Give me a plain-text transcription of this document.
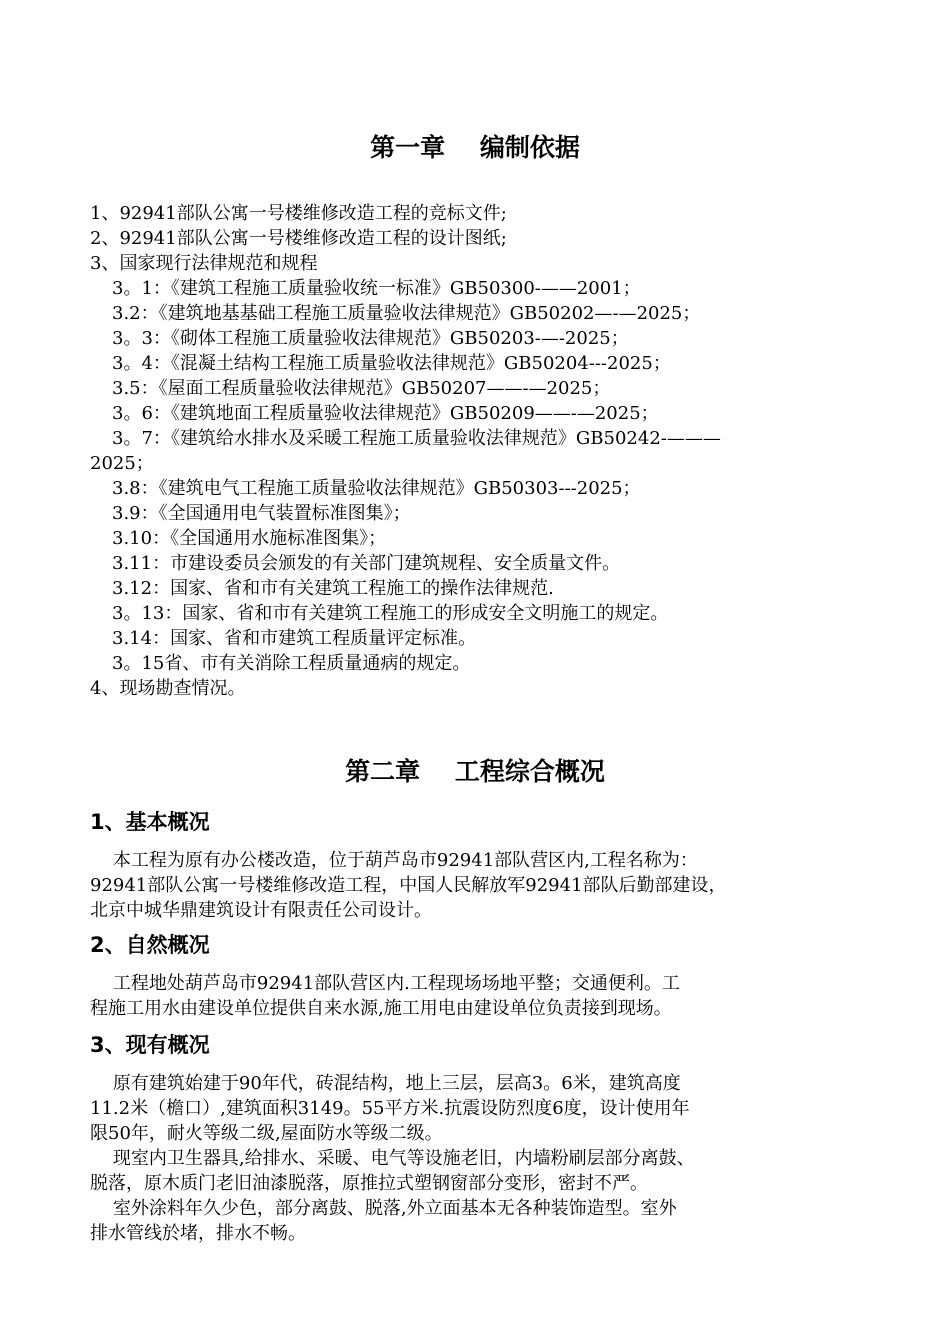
第一章    编制依据
1、92941部队公寓一号楼维修改造工程的竞标文件;
2、92941部队公寓一号楼维修改造工程的设计图纸;
3、国家现行法律规范和规程
3。1：《建筑工程施工质量验收统一标准》GB50300-——2001；
3.2：《建筑地基基础工程施工质量验收法律规范》GB50202—-—2025；
3。3：《砌体工程施工质量验收法律规范》GB50203-—-2025；
3。4：《混凝土结构工程施工质量验收法律规范》GB50204---2025；
3.5：《屋面工程质量验收法律规范》GB50207——-—2025；
3。6：《建筑地面工程质量验收法律规范》GB50209——-—2025；
3。7：《建筑给水排水及采暖工程施工质量验收法律规范》GB50242-———
2025；
3.8：《建筑电气工程施工质量验收法律规范》GB50303---2025；
3.9：《全国通用电气装置标准图集》；
3.10：《全国通用水施标准图集》；
3.11：市建设委员会颁发的有关部门建筑规程、安全质量文件。
3.12：国家、省和市有关建筑工程施工的操作法律规范.
3。13：国家、省和市有关建筑工程施工的形成安全文明施工的规定。
3.14：国家、省和市建筑工程质量评定标准。
3。15省、市有关消除工程质量通病的规定。
4、现场勘查情况。
第二章    工程综合概况
1、基本概况
本工程为原有办公楼改造，位于葫芦岛市92941部队营区内,工程名称为：
92941部队公寓一号楼维修改造工程，中国人民解放军92941部队后勤部建设，
北京中城华鼎建筑设计有限责任公司设计。
2、自然概况
工程地处葫芦岛市92941部队营区内.工程现场场地平整；交通便利。工
程施工用水由建设单位提供自来水源,施工用电由建设单位负责接到现场。
3、现有概况
原有建筑始建于90年代，砖混结构，地上三层，层高3。6米，建筑高度
11.2米（檐口）,建筑面积3149。55平方米.抗震设防烈度6度，设计使用年
限50年，耐火等级二级,屋面防水等级二级。
现室内卫生器具,给排水、采暖、电气等设施老旧，内墙粉刷层部分离鼓、
脱落，原木质门老旧油漆脱落，原推拉式塑钢窗部分变形，密封不严。
室外涂料年久少色，部分离鼓、脱落,外立面基本无各种装饰造型。室外
排水管线於堵，排水不畅。
